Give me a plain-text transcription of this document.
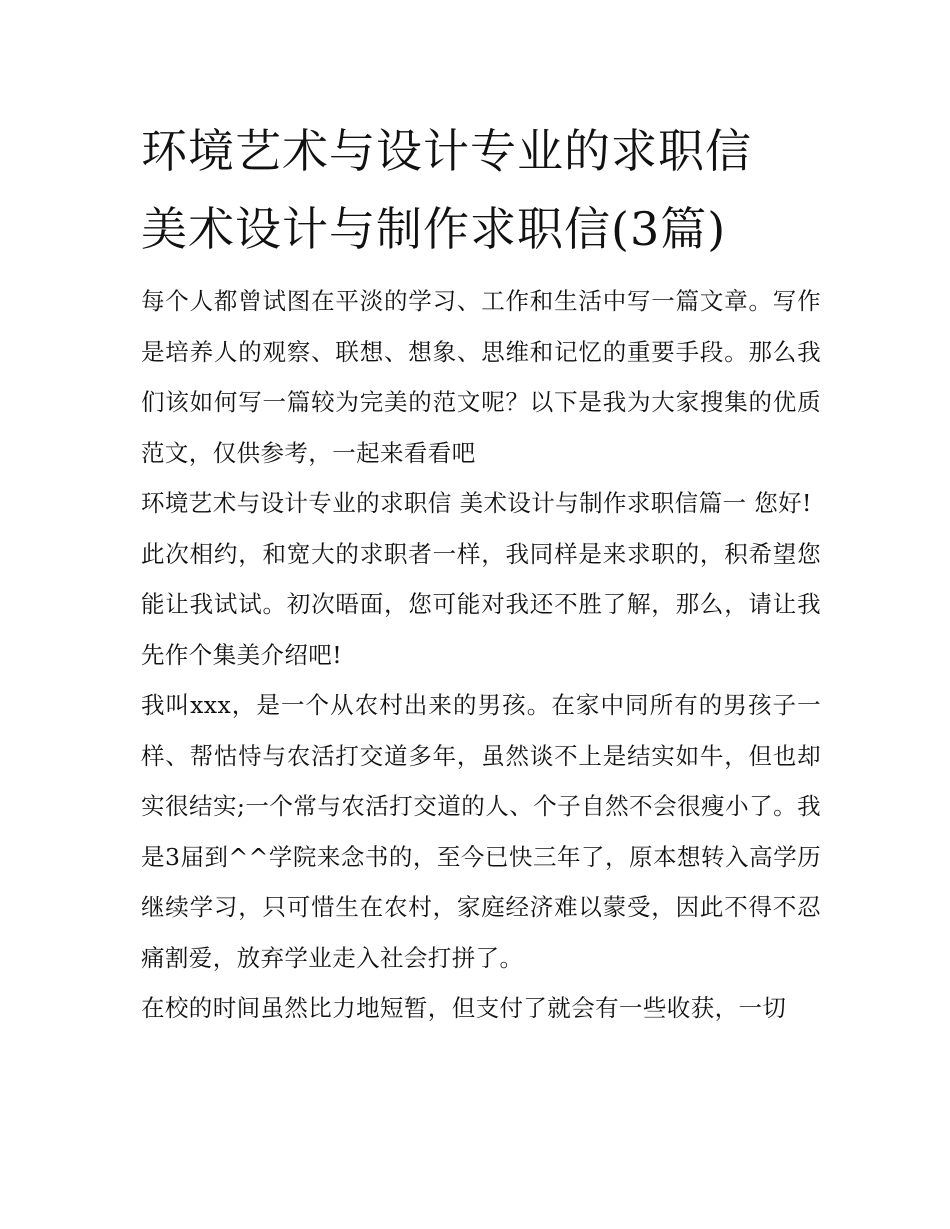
环境艺术与设计专业的求职信
美术设计与制作求职信(3篇)

每个人都曾试图在平淡的学习、工作和生活中写一篇文章。写作是培养人的观察、联想、想象、思维和记忆的重要手段。那么我们该如何写一篇较为完美的范文呢？以下是我为大家搜集的优质范文，仅供参考，一起来看看吧

环境艺术与设计专业的求职信 美术设计与制作求职信篇一 您好!

此次相约，和宽大的求职者一样，我同样是来求职的，积希望您能让我试试。初次晤面，您可能对我还不胜了解，那么，请让我先作个集美介绍吧!

我叫xxx，是一个从农村出来的男孩。在家中同所有的男孩子一样、帮怙恃与农活打交道多年，虽然谈不上是结实如牛，但也却实很结实;一个常与农活打交道的人、个子自然不会很瘦小了。我是3届到^^学院来念书的，至今已快三年了，原本想转入高学历继续学习，只可惜生在农村，家庭经济难以蒙受，因此不得不忍痛割爱，放弃学业走入社会打拼了。

在校的时间虽然比力地短暂，但支付了就会有一些收获，一切
